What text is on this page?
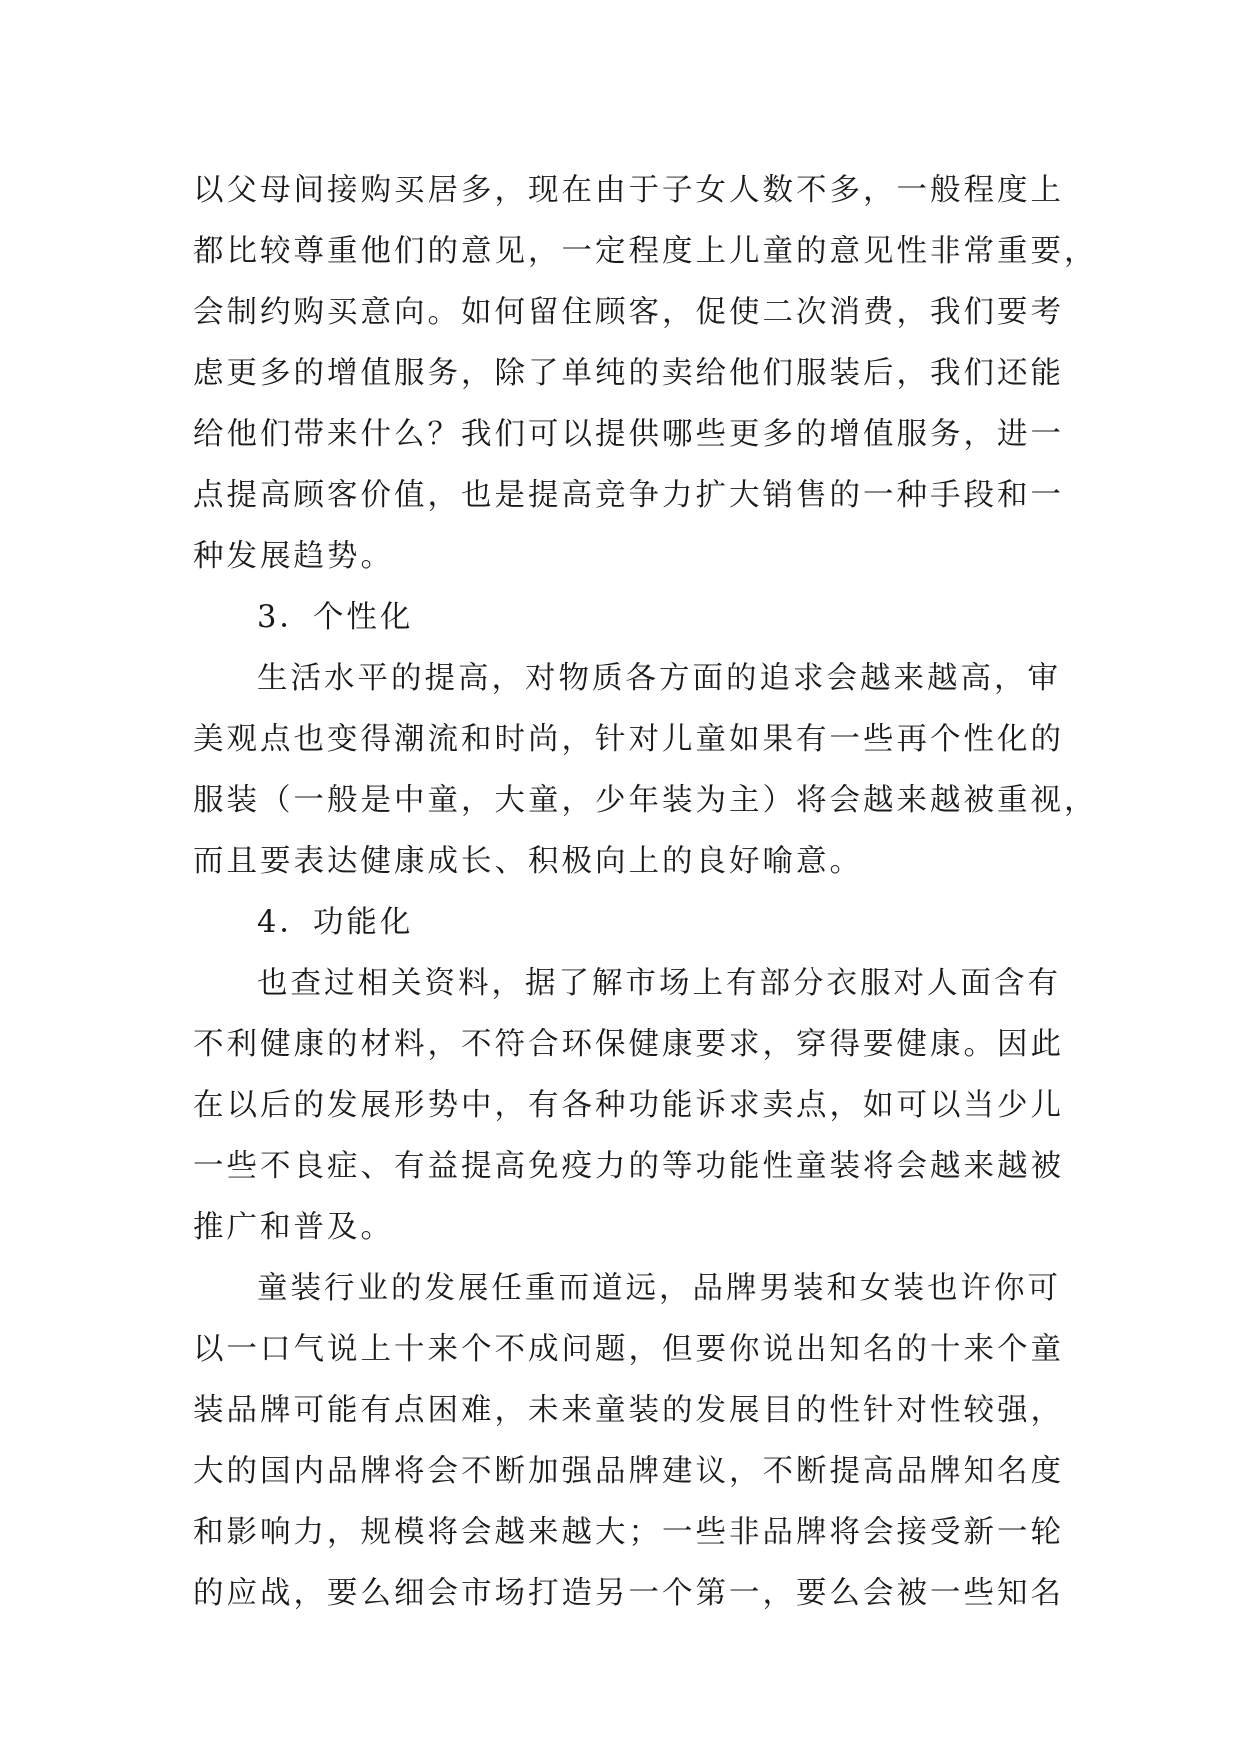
以父母间接购买居多，现在由于子女人数不多，一般程度上
都比较尊重他们的意见，一定程度上儿童的意见性非常重要，
会制约购买意向。如何留住顾客，促使二次消费，我们要考
虑更多的增值服务，除了单纯的卖给他们服装后，我们还能
给他们带来什么？我们可以提供哪些更多的增值服务，进一
点提高顾客价值，也是提高竞争力扩大销售的一种手段和一
种发展趋势。
3．个性化
生活水平的提高，对物质各方面的追求会越来越高，审
美观点也变得潮流和时尚，针对儿童如果有一些再个性化的
服装（一般是中童，大童，少年装为主）将会越来越被重视，
而且要表达健康成长、积极向上的良好喻意。
4．功能化
也查过相关资料，据了解市场上有部分衣服对人面含有
不利健康的材料，不符合环保健康要求，穿得要健康。因此
在以后的发展形势中，有各种功能诉求卖点，如可以当少儿
一些不良症、有益提高免疫力的等功能性童装将会越来越被
推广和普及。
童装行业的发展任重而道远，品牌男装和女装也许你可
以一口气说上十来个不成问题，但要你说出知名的十来个童
装品牌可能有点困难，未来童装的发展目的性针对性较强，
大的国内品牌将会不断加强品牌建议，不断提高品牌知名度
和影响力，规模将会越来越大；一些非品牌将会接受新一轮
的应战，要么细会市场打造另一个第一，要么会被一些知名
